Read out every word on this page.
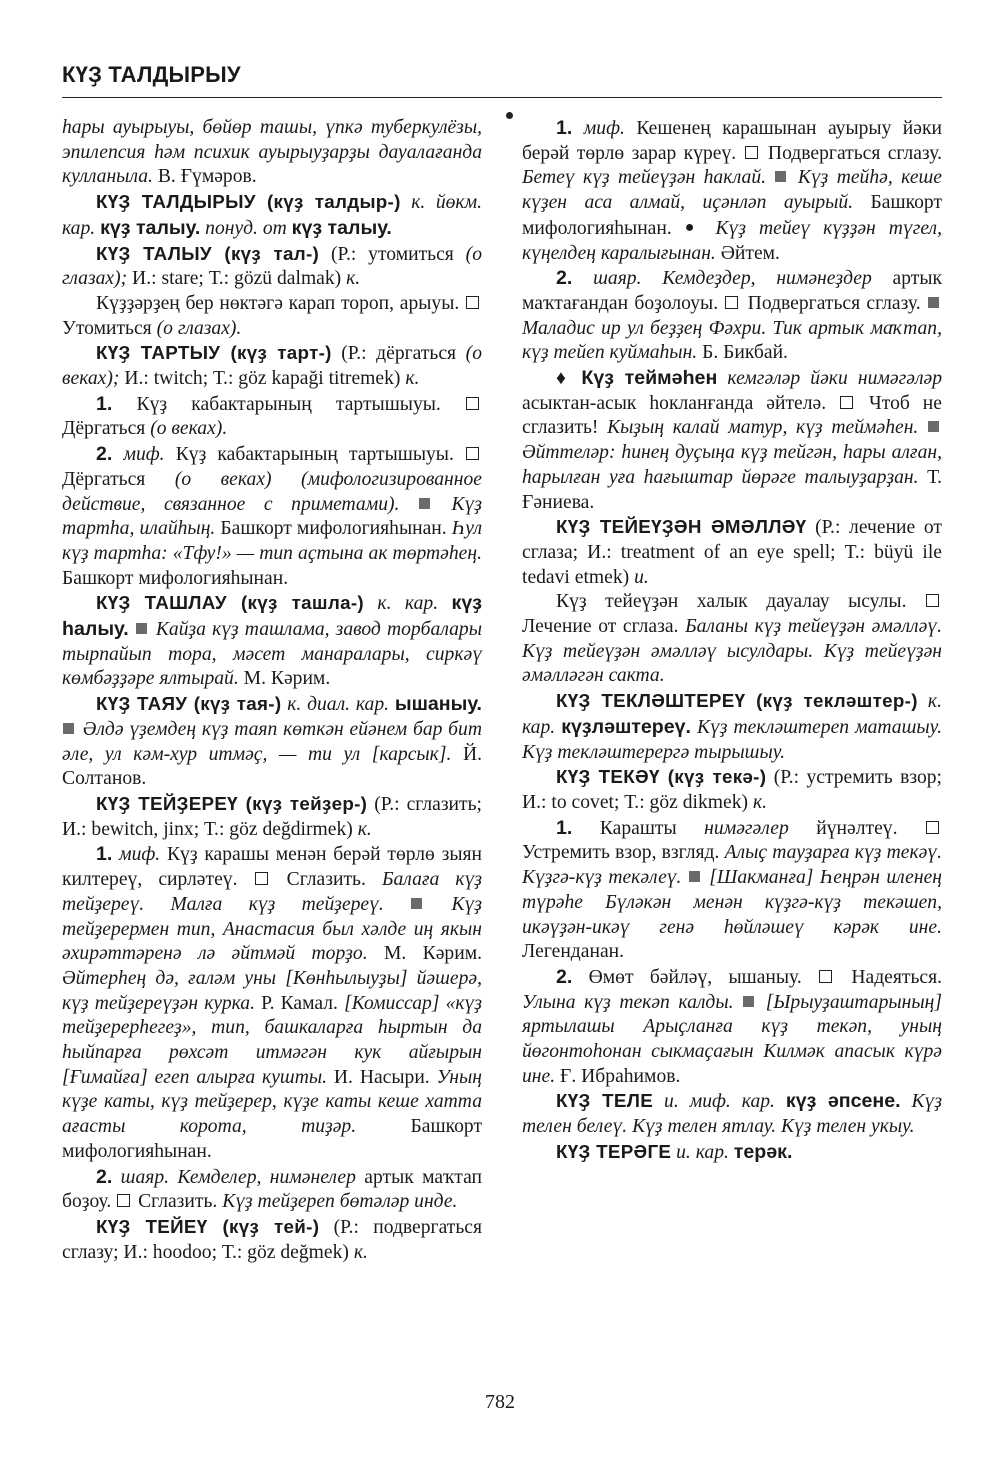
КҮҘ ТАЛДЫРЫУ

һары ауырыуы, бөйөр ташы, үпкә туберкулёзы, эпилепсия һәм психик ауырыуҙарҙы дауалағанда кулланыла. В. Ғүмәров.

КҮҘ ТАЛДЫРЫУ (күҙ талдыр-) к. йөкм. кар. күҙ талыу. понуд. от күҙ талыу.

КҮҘ ТАЛЫУ (күҙ тал-) (Р.: утомиться (о глазах); И.: stare; Т.: gözü dalmak) к.

Күҙҙәрҙең бер нөктәгә карап тороп, арыуы.  Утомиться (о глазах).

КҮҘ ТАРТЫУ (күҙ тарт-) (Р.: дёргаться (о веках); И.: twitch; Т.: göz kapaği titremek) к.

1. Күҙ кабактарының тартышыуы.  Дёргаться (о веках).

2. миф. Күҙ кабактарының тартышыуы.  Дёргаться (о веках) (мифологизированное действие, связанное с приметами).  Күҙ тартһа, илайһың. Башкорт мифологияһынан. Һул күҙ тартһа: «Тфу!» — тип аҫтына ак төртәһең. Башкорт мифологияһынан.

КҮҘ ТАШЛАУ (күҙ ташла-) к. кар. күҙ һалыу.  Кайҙа күҙ ташлама, завод торбалары тырпайып тора, мәсет манаралары, сиркәү көмбәҙҙәре ялтырай. М. Кәрим.

КҮҘ ТАЯУ (күҙ тая-) к. диал. кар. ышаныу.  Әлдә үҙемдең күҙ таяп көткән ейәнем бар бит әле, ул кәм-хур итмәҫ, — ти ул [карсык]. Й. Солтанов.

КҮҘ ТЕЙҘЕРЕҮ (күҙ тейҙер-) (Р.: сглазить; И.: bewitch, jinx; Т.: göz değdirmek) к.

1. миф. Күҙ карашы менән берәй төрлө зыян килтереү, сирләтеү.  Сглазить. Балаға күҙ тейҙереү. Малға күҙ тейҙереү.  Күҙ тейҙерермен тип, Анастасия был хәлде иң якын әхирәттәренә лә әйтмәй торҙо. М. Кәрим. Әйтерһең дә, ғаләм уны [Көнһылыуҙы] йәшерә, күҙ тейҙереүҙән курка. Р. Камал. [Комиссар] «күҙ тейҙерерһегеҙ», тип, башкаларға һыртын да һыйпарға рөхсәт итмәгән кук айғырын [Ғимайға] егеп алырға кушты. И. Насыри. Уның күҙе каты, күҙ тейҙерер, күҙе каты кеше хатта ағасты корота, тиҙәр. Башкорт мифологияһынан.

2. шаяр. Кемделер, нимәнелер артык маҡтап боҙоу.  Сглазить. Күҙ тейҙереп бөтәләр инде.

КҮҘ ТЕЙЕҮ (күҙ тей-) (Р.: подвергаться сглазу; И.: hoodoo; Т.: göz değmek) к.

1. миф. Кешенең карашынан ауырыу йәки берәй төрлө зарар күреү.  Подвергаться сглазу. Бетеү күҙ тейеүҙән һаклай.  Күҙ тейһә, кеше күҙен аса алмай, иҫәнләп ауырый. Башкорт мифологияһынан. ● Күҙ тейеү күҙҙән түгел, күңелдең каралығынан. Әйтем.

2. шаяр. Кемдеҙдер, нимәнеҙдер артык маҡтағандан боҙолоуы.  Подвергаться сглазу.  Маладис ир ул беҙҙең Фәхри. Тик артык маҡтап, күҙ тейеп куймаһын. Б. Бикбай.

♦ Күҙ теймәһен кемгәләр йәки нимәгәләр асыктан-асык һокланғанда әйтелә.  Чтоб не сглазить! Кыҙың калай матур, күҙ теймәһен.  Әйттеләр: һинең дуҫыңа күҙ тейгән, һары алған, һарылған уға һағыштар йөрәге талыуҙарҙан. Т. Ғәниева.

КҮҘ ТЕЙЕҮҘӘН ӘМӘЛЛӘҮ (Р.: лечение от сглаза; И.: treatment of an eye spell; Т.: büyü ile tedavi etmek) и.

Күҙ тейеүҙән халык дауалау ысулы.  Лечение от сглаза. Баланы күҙ тейеүҙән әмәлләү. Күҙ тейеүҙән әмәлләү ысулдары. Күҙ тейеүҙән әмәлләгән сакта.

КҮҘ ТЕКЛӘШТЕРЕҮ (күҙ текләштер-) к. кар. күҙләштереү. Күҙ текләштереп маташыу. Күҙ текләштерергә тырышыу.

КҮҘ ТЕКӘҮ (күҙ текә-) (Р.: устремить взор; И.: to covet; Т.: göz dikmek) к.

1. Карашты нимәгәлер йүнәлтеү.  Устремить взор, взгляд. Алыҫ тауҙарға күҙ текәү. Күҙгә-күҙ текәлеү.  [Шакманға] Һеңрән иленең түрәһе Бүләкән менән күҙгә-күҙ текәшеп, икәүҙән-икәү генә һөйләшеү кәрәк ине. Легенданан.

2. Өмөт бәйләү, ышаныу.  Надеяться. Улына күҙ текәп калды.  [Ырыуҙаштарының] яртылашы Арыҫланға күҙ текәп, уның йөгонтоһонан сыкмаҫағын Килмәк апасык күрә ине. Ғ. Ибраһимов.

КҮҘ ТЕЛЕ и. миф. кар. күҙ әпсене. Күҙ телен белеү. Күҙ телен ятлау. Күҙ телен укыу.

КҮҘ ТЕРӘГЕ и. кар. терәк.

782
